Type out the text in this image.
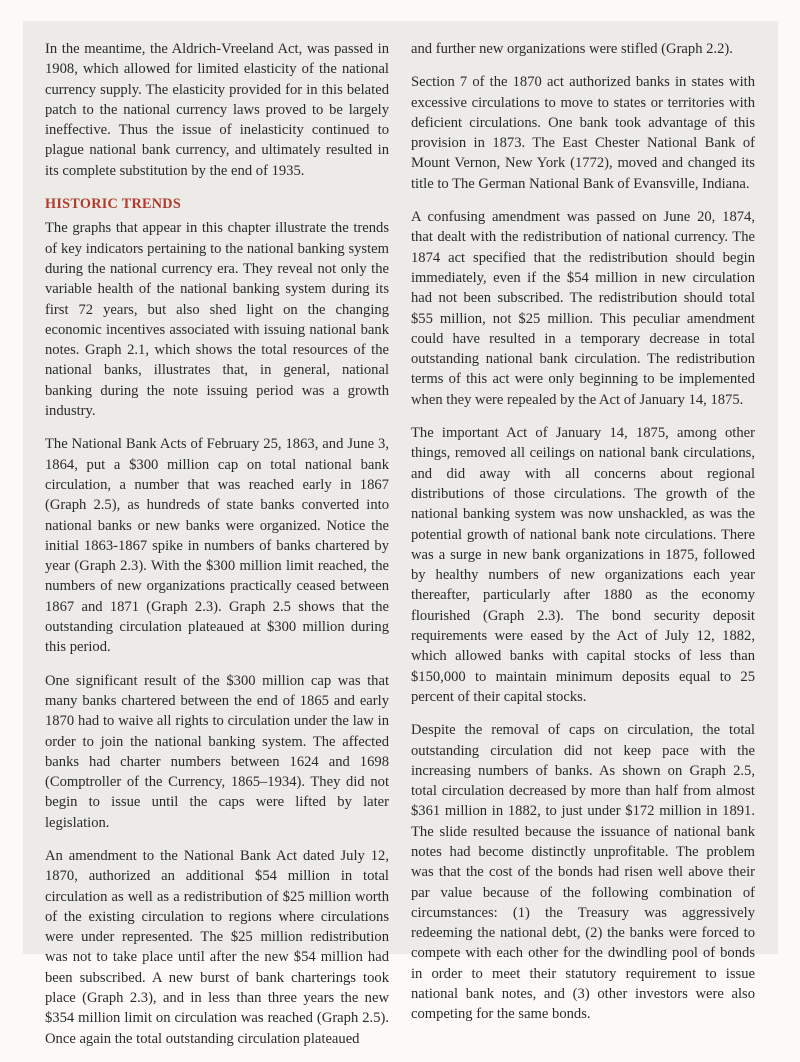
In the meantime, the Aldrich-Vreeland Act, was passed in 1908, which allowed for limited elasticity of the national currency supply. The elasticity provided for in this belated patch to the national currency laws proved to be largely ineffective. Thus the issue of inelasticity continued to plague national bank currency, and ultimately resulted in its complete substitution by the end of 1935.

HISTORIC TRENDS

The graphs that appear in this chapter illustrate the trends of key indicators pertaining to the national banking system during the national currency era. They reveal not only the variable health of the national banking system during its first 72 years, but also shed light on the changing economic incentives associated with issuing national bank notes. Graph 2.1, which shows the total resources of the national banks, illustrates that, in general, national banking during the note issuing period was a growth industry.

The National Bank Acts of February 25, 1863, and June 3, 1864, put a $300 million cap on total national bank circulation, a number that was reached early in 1867 (Graph 2.5), as hundreds of state banks converted into national banks or new banks were organized. Notice the initial 1863-1867 spike in numbers of banks chartered by year (Graph 2.3). With the $300 million limit reached, the numbers of new organizations practically ceased between 1867 and 1871 (Graph 2.3). Graph 2.5 shows that the outstanding circulation plateaued at $300 million during this period.

One significant result of the $300 million cap was that many banks chartered between the end of 1865 and early 1870 had to waive all rights to circulation under the law in order to join the national banking system. The affected banks had charter numbers between 1624 and 1698 (Comptroller of the Currency, 1865–1934). They did not begin to issue until the caps were lifted by later legislation.

An amendment to the National Bank Act dated July 12, 1870, authorized an additional $54 million in total circulation as well as a redistribution of $25 million worth of the existing circulation to regions where circulations were under represented. The $25 million redistribution was not to take place until after the new $54 million had been subscribed. A new burst of bank charterings took place (Graph 2.3), and in less than three years the new $354 million limit on circulation was reached (Graph 2.5). Once again the total outstanding circulation plateaued

and further new organizations were stifled (Graph 2.2).

Section 7 of the 1870 act authorized banks in states with excessive circulations to move to states or territories with deficient circulations. One bank took advantage of this provision in 1873. The East Chester National Bank of Mount Vernon, New York (1772), moved and changed its title to The German National Bank of Evansville, Indiana.

A confusing amendment was passed on June 20, 1874, that dealt with the redistribution of national currency. The 1874 act specified that the redistribution should begin immediately, even if the $54 million in new circulation had not been subscribed. The redistribution should total $55 million, not $25 million. This peculiar amendment could have resulted in a temporary decrease in total outstanding national bank circulation. The redistribution terms of this act were only beginning to be implemented when they were repealed by the Act of January 14, 1875.

The important Act of January 14, 1875, among other things, removed all ceilings on national bank circulations, and did away with all concerns about regional distributions of those circulations. The growth of the national banking system was now unshackled, as was the potential growth of national bank note circulations. There was a surge in new bank organizations in 1875, followed by healthy numbers of new organizations each year thereafter, particularly after 1880 as the economy flourished (Graph 2.3). The bond security deposit requirements were eased by the Act of July 12, 1882, which allowed banks with capital stocks of less than $150,000 to maintain minimum deposits equal to 25 percent of their capital stocks.

Despite the removal of caps on circulation, the total outstanding circulation did not keep pace with the increasing numbers of banks. As shown on Graph 2.5, total circulation decreased by more than half from almost $361 million in 1882, to just under $172 million in 1891. The slide resulted because the issuance of national bank notes had become distinctly unprofitable. The problem was that the cost of the bonds had risen well above their par value because of the following combination of circumstances: (1) the Treasury was aggressively redeeming the national debt, (2) the banks were forced to compete with each other for the dwindling pool of bonds in order to meet their statutory requirement to issue national bank notes, and (3) other investors were also competing for the same bonds.
